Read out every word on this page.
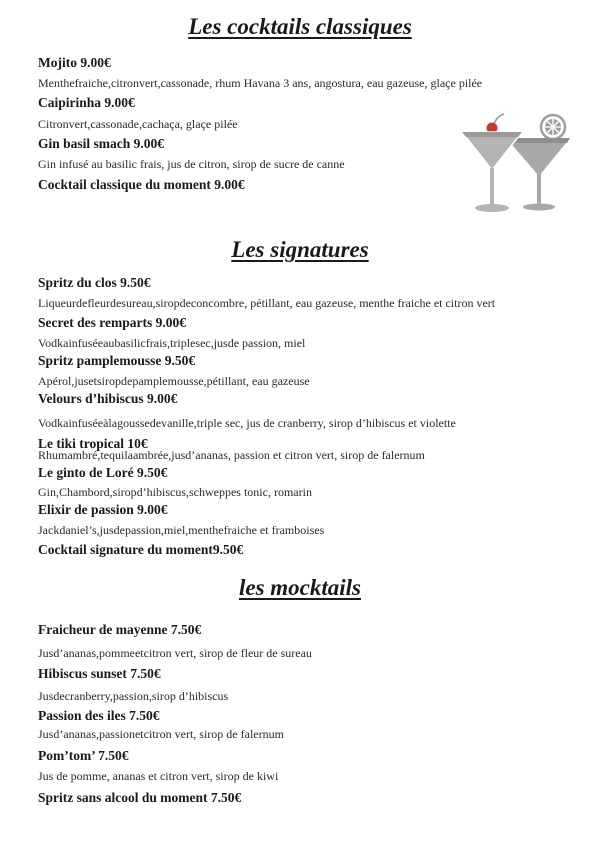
Les cocktails classiques

Mojito 9.00€

Menthefraiche,citronvert,cassonade, rhum Havana 3 ans, angostura, eau gazeuse, glaçe pilée

Caipirinha 9.00€

Citronvert,cassonade,cachaça, glaçe pilée

Gin basil smach 9.00€

Gin infusé au basilic frais, jus de citron, sirop de sucre de canne

Cocktail classique du moment 9.00€

Les signatures

Spritz du clos 9.50€

Liqueurdefleurdesureau,siropdeconcombre, pétillant, eau gazeuse, menthe fraiche et citron vert

Secret des remparts 9.00€

Vodkainfuséeaubasilicfrais,triplesec,jusde passion, miel

Spritz pamplemousse 9.50€

Apérol,jusetsiropdepamplemousse,pétillant, eau gazeuse

Velours d’hibiscus 9.00€

Vodkainfuséeàlagoussedevanille,triple sec, jus de cranberry, sirop d’hibiscus et violette

Le tiki tropical 10€

Rhumambré,tequilaambrée,jusd’ananas, passion et citron vert, sirop de falernum

Le ginto de Loré 9.50€

Gin,Chambord,siropd’hibiscus,schweppes tonic, romarin

Elixir de passion 9.00€

Jackdaniel’s,jusdepassion,miel,menthefraiche et framboises

Cocktail signature du moment9.50€

les mocktails

Fraicheur de mayenne 7.50€

Jusd’ananas,pommeetcitron vert, sirop de fleur de sureau

Hibiscus sunset 7.50€

Jusdecranberry,passion,sirop d’hibiscus

Passion des iles 7.50€

Jusd’ananas,passionetcitron vert, sirop de falernum

Pom’tom’ 7.50€

Jus de pomme, ananas et citron vert, sirop de kiwi

Spritz sans alcool du moment 7.50€
